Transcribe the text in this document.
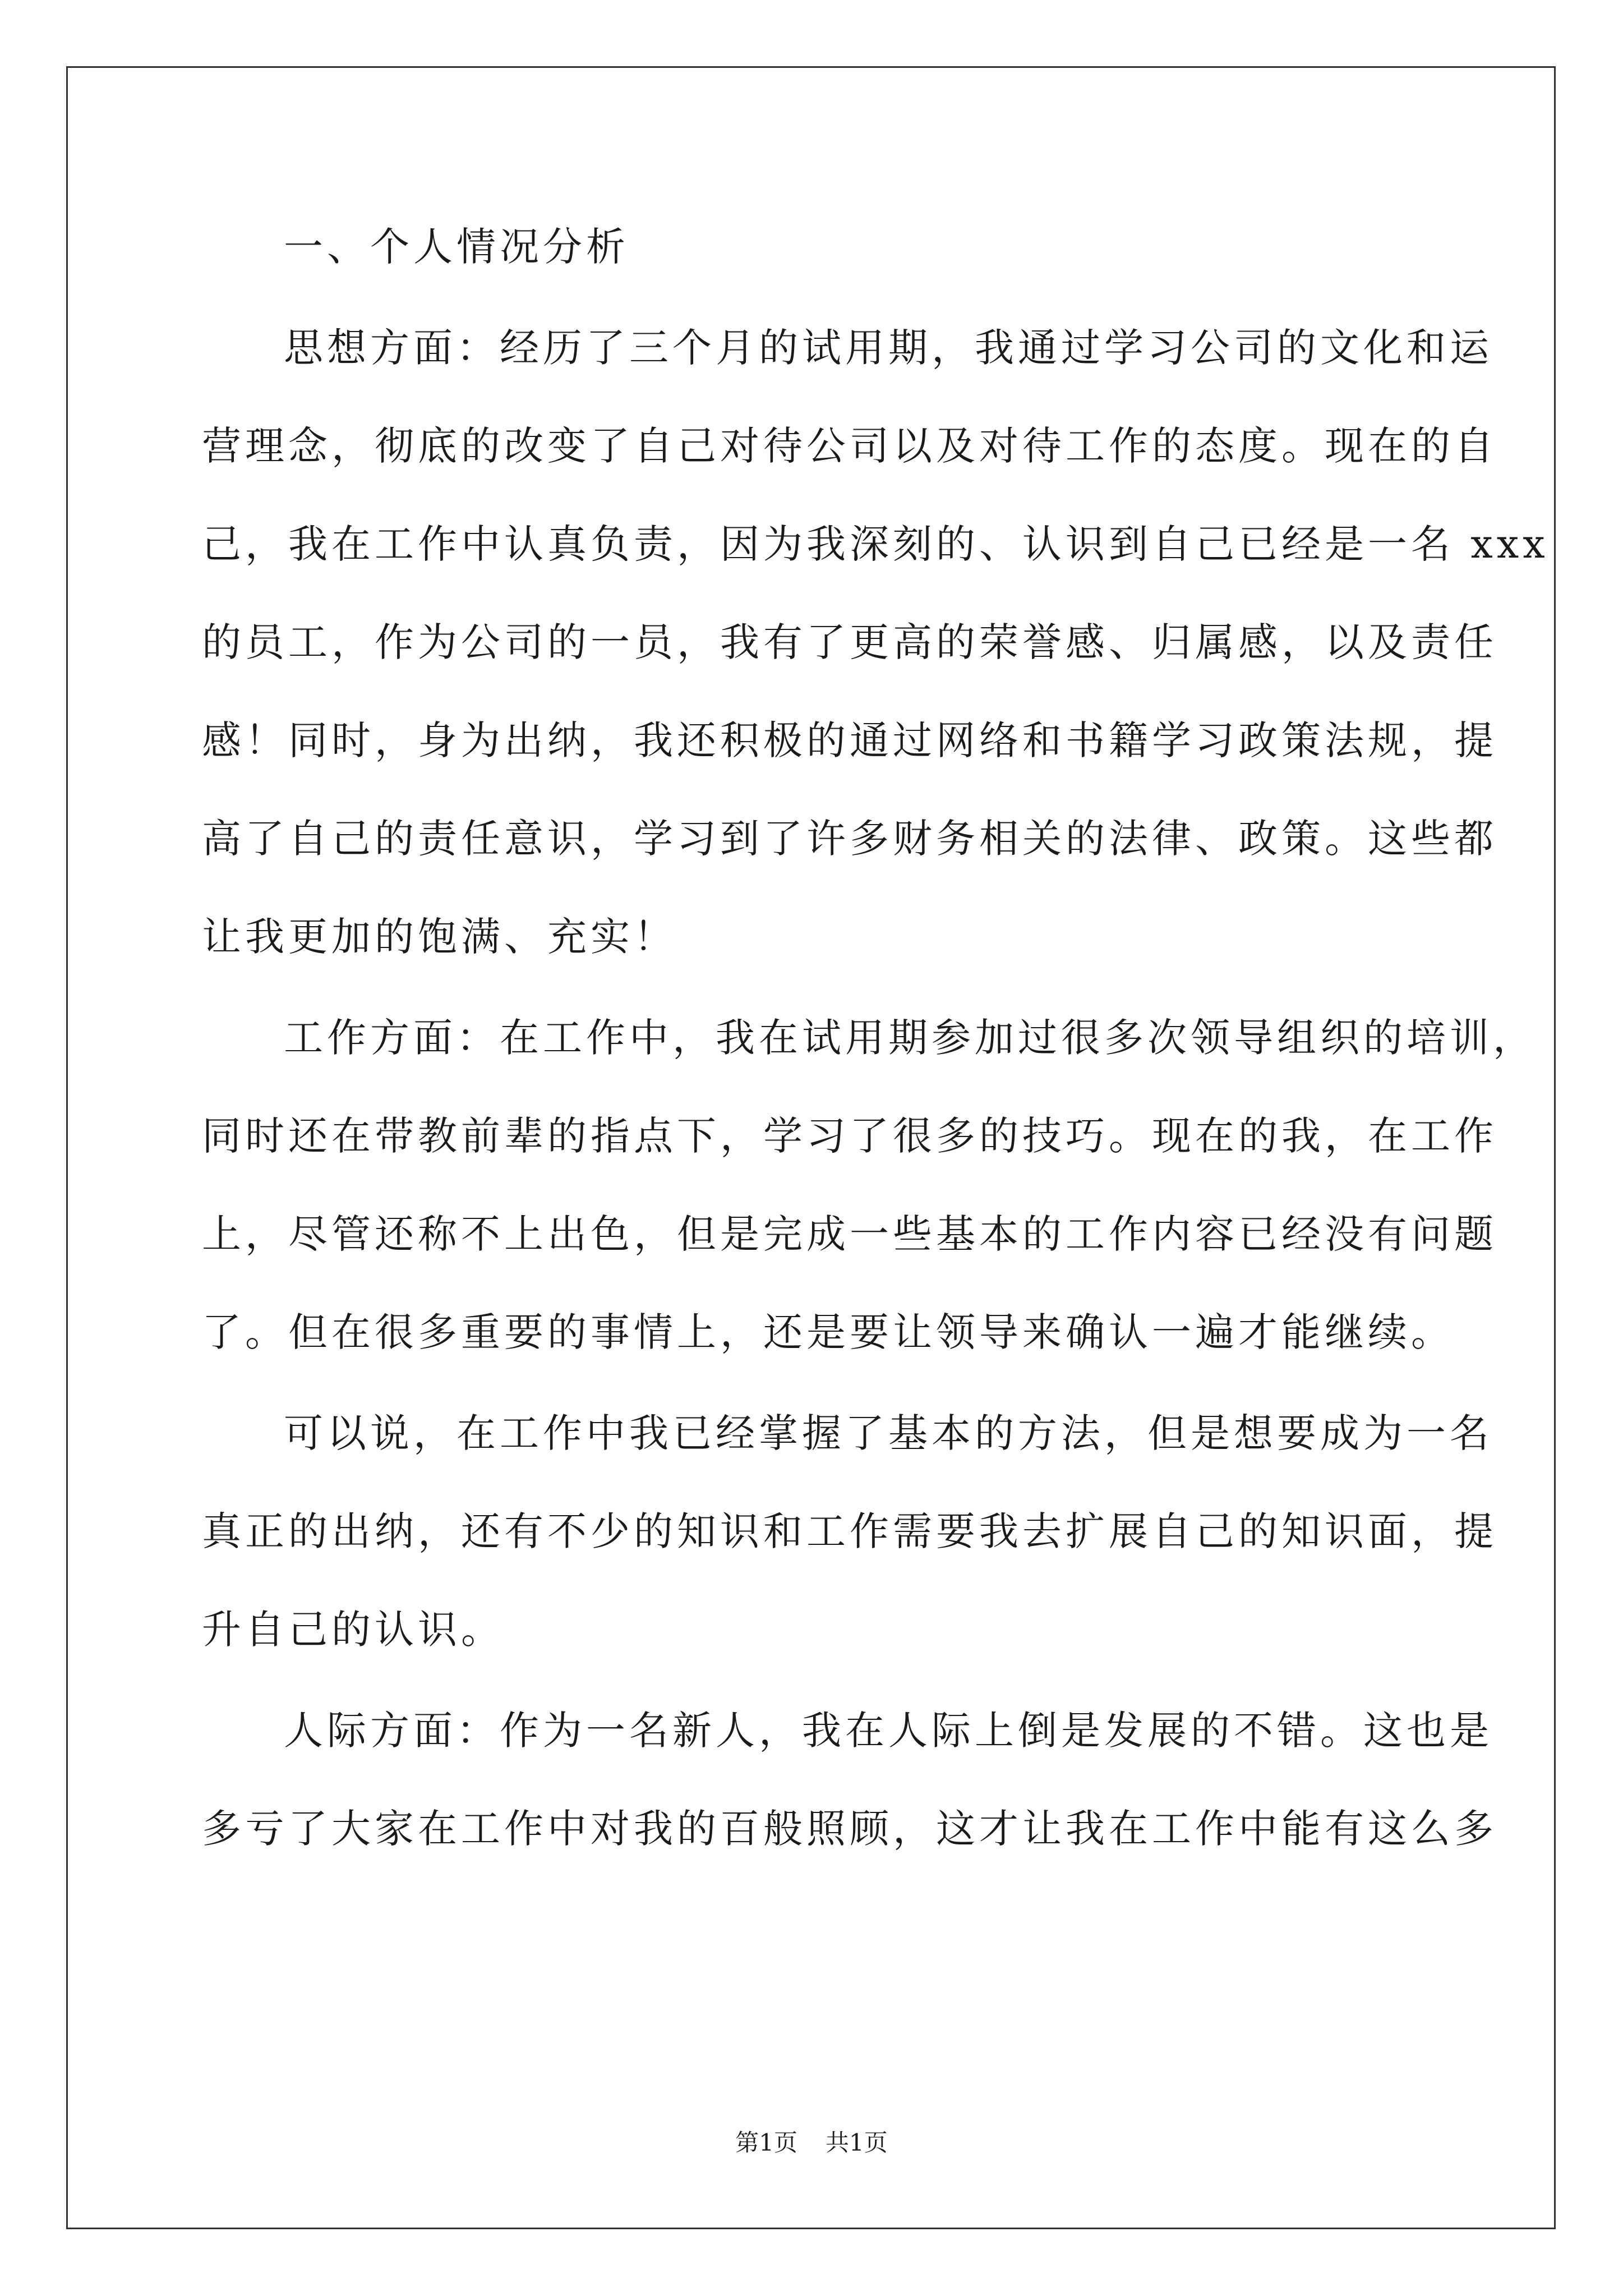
一、个人情况分析
思想方面：经历了三个月的试用期，我通过学习公司的文化和运
营理念，彻底的改变了自己对待公司以及对待工作的态度。现在的自
己，我在工作中认真负责，因为我深刻的、认识到自己已经是一名 xxx
的员工，作为公司的一员，我有了更高的荣誉感、归属感，以及责任
感！同时，身为出纳，我还积极的通过网络和书籍学习政策法规，提
高了自己的责任意识，学习到了许多财务相关的法律、政策。这些都
让我更加的饱满、充实！
工作方面：在工作中，我在试用期参加过很多次领导组织的培训，
同时还在带教前辈的指点下，学习了很多的技巧。现在的我，在工作
上，尽管还称不上出色，但是完成一些基本的工作内容已经没有问题
了。但在很多重要的事情上，还是要让领导来确认一遍才能继续。
可以说，在工作中我已经掌握了基本的方法，但是想要成为一名
真正的出纳，还有不少的知识和工作需要我去扩展自己的知识面，提
升自己的认识。
人际方面：作为一名新人，我在人际上倒是发展的不错。这也是
多亏了大家在工作中对我的百般照顾，这才让我在工作中能有这么多
第1页 共1页
